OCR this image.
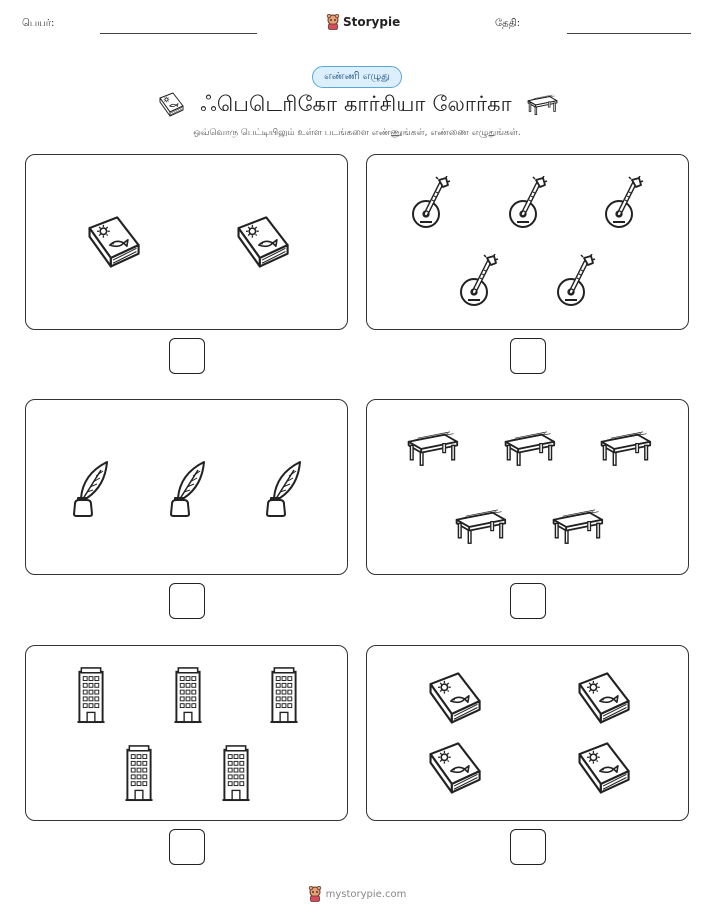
பெயர்:	Storypie	தேதி:
எண்ணி எழுது
ஃபெடெரிகோ கார்சியா லோர்கா
ஒவ்வொரு பெட்டியிலும் உள்ள படங்களை எண்ணுங்கள், எண்ணை எழுதுங்கள்.
mystorypie.com
